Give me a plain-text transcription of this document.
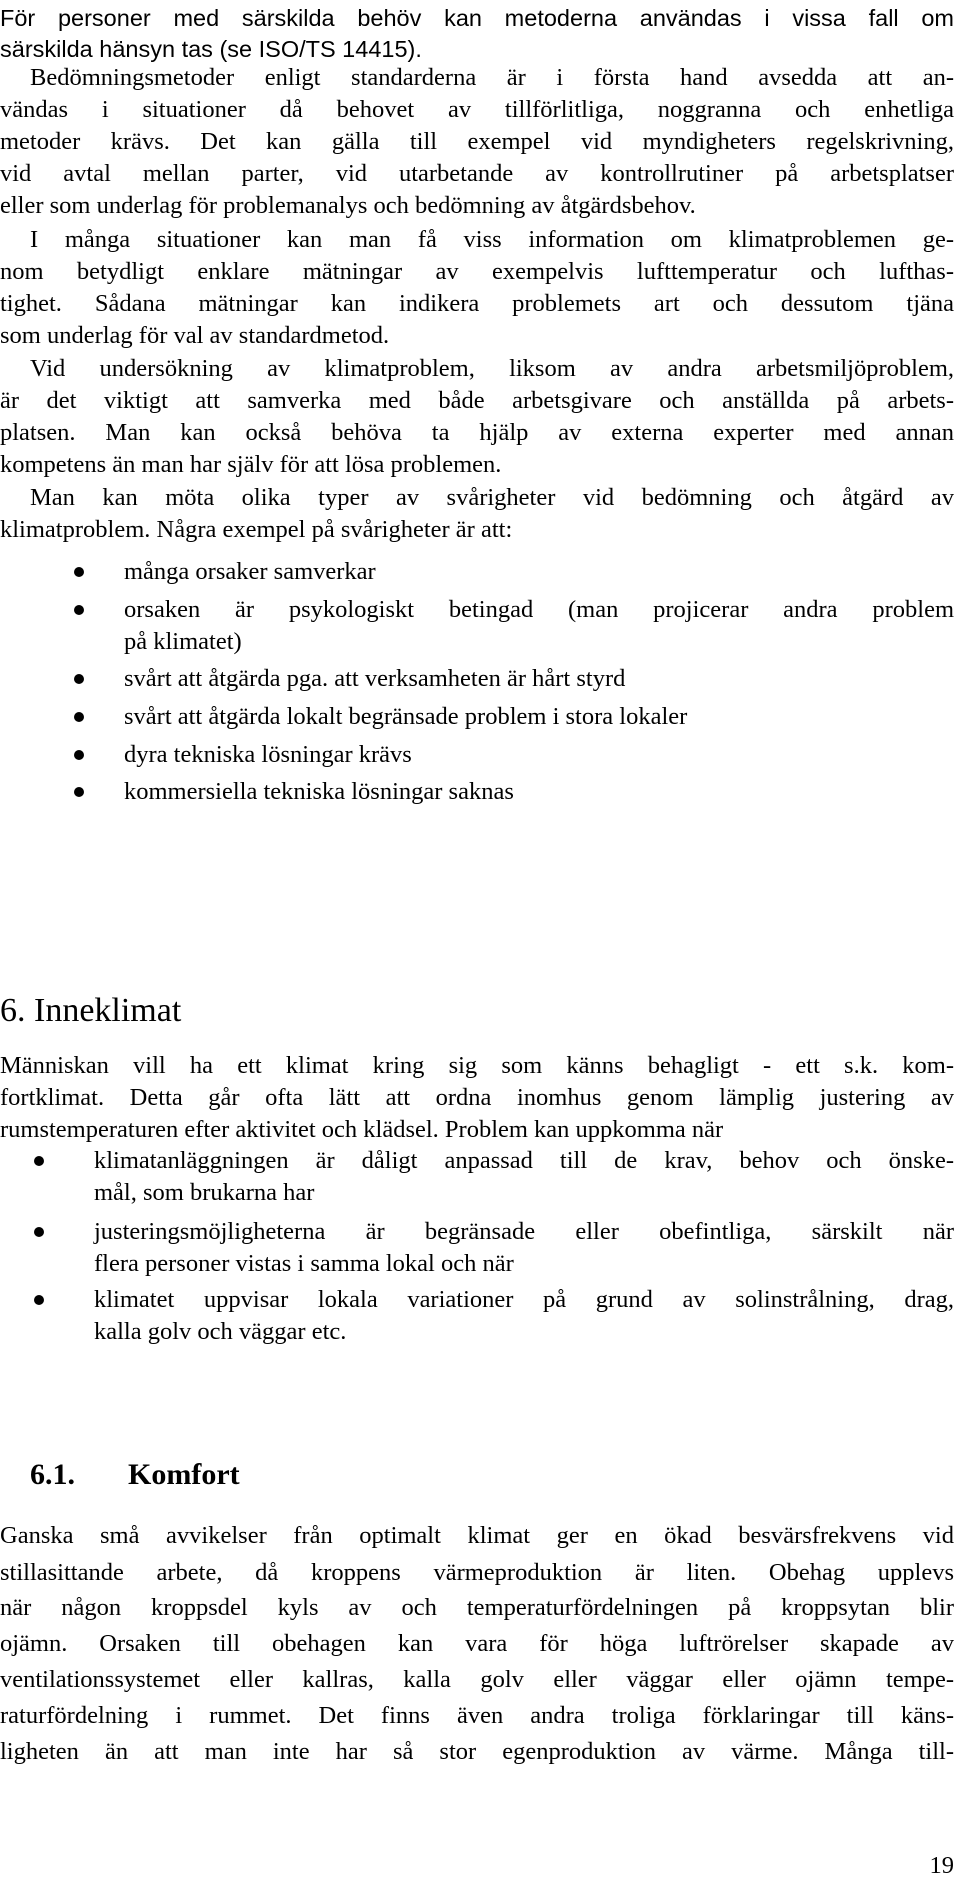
För personer med särskilda behöv kan metoderna användas i vissa fall om

särskilda hänsyn tas (se ISO/TS 14415).

Bedömningsmetoder enligt standarderna är i första hand avsedda att an-

vändas i situationer då behovet av tillförlitliga, noggranna och enhetliga

metoder krävs. Det kan gälla till exempel vid myndigheters regelskrivning,

vid avtal mellan parter, vid utarbetande av kontrollrutiner på arbetsplatser

eller som underlag för problemanalys och bedömning av åtgärdsbehov.

I många situationer kan man få viss information om klimatproblemen ge-

nom betydligt enklare mätningar av exempelvis lufttemperatur och lufthas-

tighet. Sådana mätningar kan indikera problemets art och dessutom tjäna

som underlag för val av standardmetod.

Vid undersökning av klimatproblem, liksom av andra arbetsmiljöproblem,

är det viktigt att samverka med både arbetsgivare och anställda på arbets-

platsen. Man kan också behöva ta hjälp av externa experter med annan

kompetens än man har själv för att lösa problemen.

Man kan möta olika typer av svårigheter vid bedömning och åtgärd av

klimatproblem. Några exempel på svårigheter är att:

många orsaker samverkar

orsaken är psykologiskt betingad (man projicerar andra problem

på klimatet)

svårt att åtgärda pga. att verksamheten är hårt styrd

svårt att åtgärda lokalt begränsade problem i stora lokaler

dyra tekniska lösningar krävs

kommersiella tekniska lösningar saknas

6. Inneklimat

Människan vill ha ett klimat kring sig som känns behagligt - ett s.k. kom-

fortklimat. Detta går ofta lätt att ordna inomhus genom lämplig justering av

rumstemperaturen efter aktivitet och klädsel. Problem kan uppkomma när

klimatanläggningen är dåligt anpassad till de krav, behov och önske-

mål, som brukarna har

justeringsmöjligheterna är begränsade eller obefintliga, särskilt när

flera personer vistas i samma lokal och när

klimatet uppvisar lokala variationer på grund av solinstrålning, drag,

kalla golv och väggar etc.

6.1. Komfort

Ganska små avvikelser från optimalt klimat ger en ökad besvärsfrekvens vid

stillasittande arbete, då kroppens värmeproduktion är liten. Obehag upplevs

när någon kroppsdel kyls av och temperaturfördelningen på kroppsytan blir

ojämn. Orsaken till obehagen kan vara för höga luftrörelser skapade av

ventilationssystemet eller kallras, kalla golv eller väggar eller ojämn tempe-

raturfördelning i rummet. Det finns även andra troliga förklaringar till käns-

ligheten än att man inte har så stor egenproduktion av värme. Många till-

19
